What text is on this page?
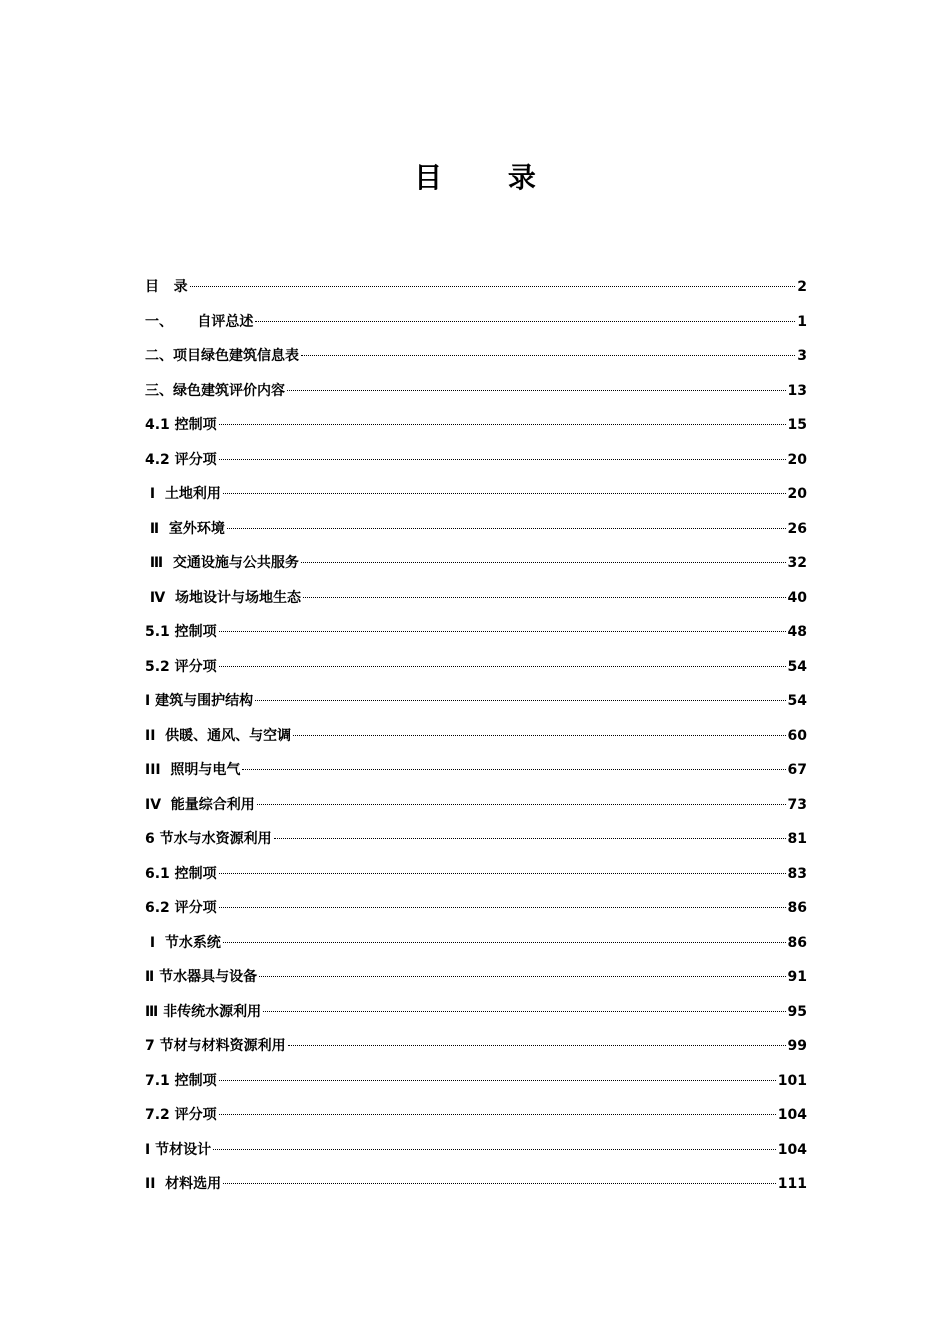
目 录
目   录	2
一、     自评总述	1
二、项目绿色建筑信息表	3
三、绿色建筑评价内容	13
4.1 控制项	15
4.2 评分项	20
Ⅰ  土地利用	20
Ⅱ  室外环境	26
Ⅲ  交通设施与公共服务	32
Ⅳ  场地设计与场地生态	40
5.1 控制项	48
5.2 评分项	54
I 建筑与围护结构	54
II  供暖、通风、与空调	60
III  照明与电气	67
IV  能量综合利用	73
6 节水与水资源利用	81
6.1 控制项	83
6.2 评分项	86
Ⅰ  节水系统	86
Ⅱ 节水器具与设备	91
Ⅲ 非传统水源利用	95
7 节材与材料资源利用	99
7.1 控制项	101
7.2 评分项	104
I 节材设计	104
II  材料选用	111
